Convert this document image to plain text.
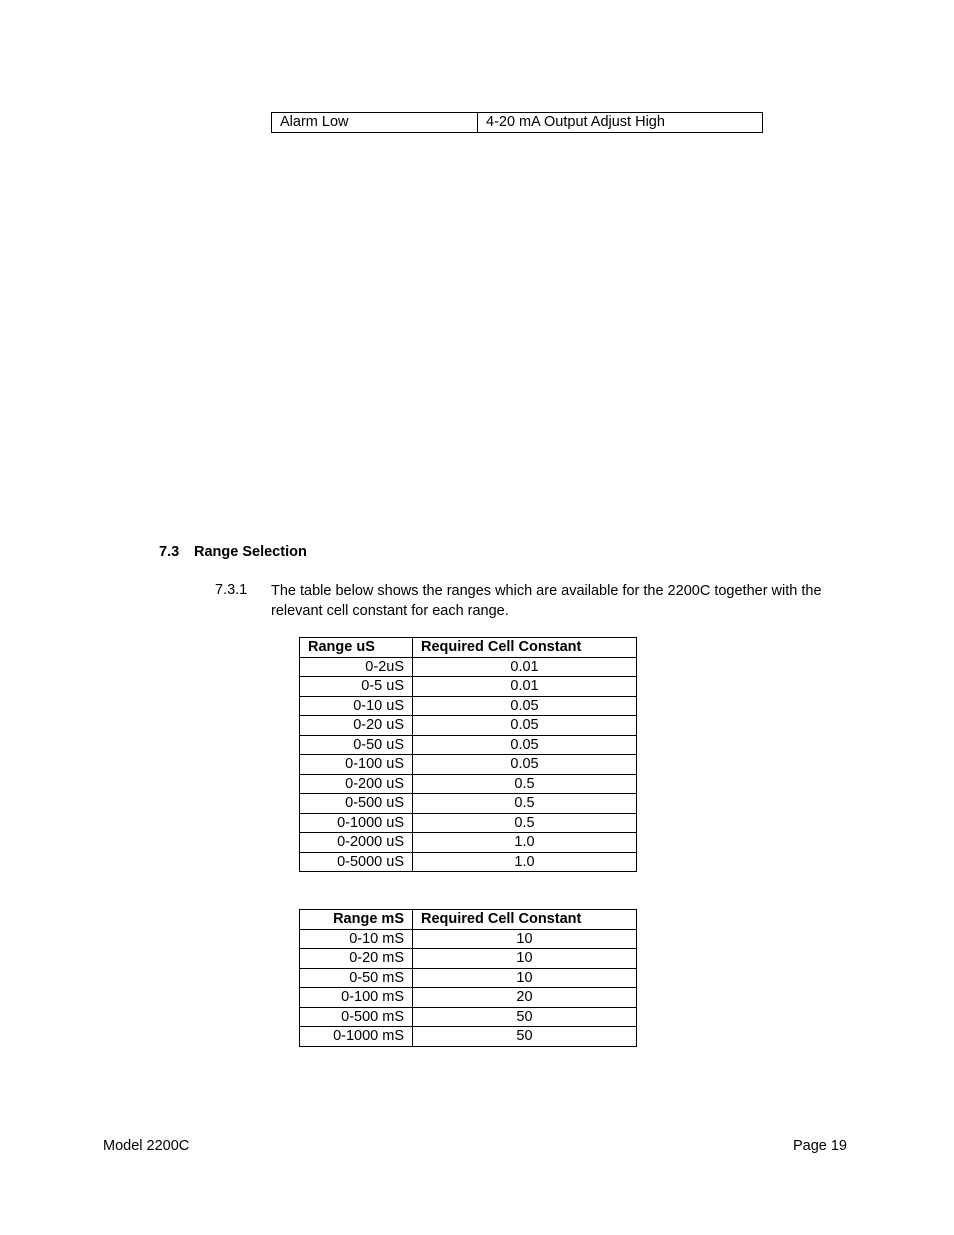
Alarm Low	4-20 mA Output Adjust High
7.3 Range Selection
7.3.1 The table below shows the ranges which are available for the 2200C together with the relevant cell constant for each range.
Range uS	Required Cell Constant
0-2uS	0.01
0-5 uS	0.01
0-10 uS	0.05
0-20 uS	0.05
0-50 uS	0.05
0-100 uS	0.05
0-200 uS	0.5
0-500 uS	0.5
0-1000 uS	0.5
0-2000 uS	1.0
0-5000 uS	1.0
Range mS	Required Cell Constant
0-10 mS	10
0-20 mS	10
0-50 mS	10
0-100 mS	20
0-500 mS	50
0-1000 mS	50
Model 2200C	Page 19
